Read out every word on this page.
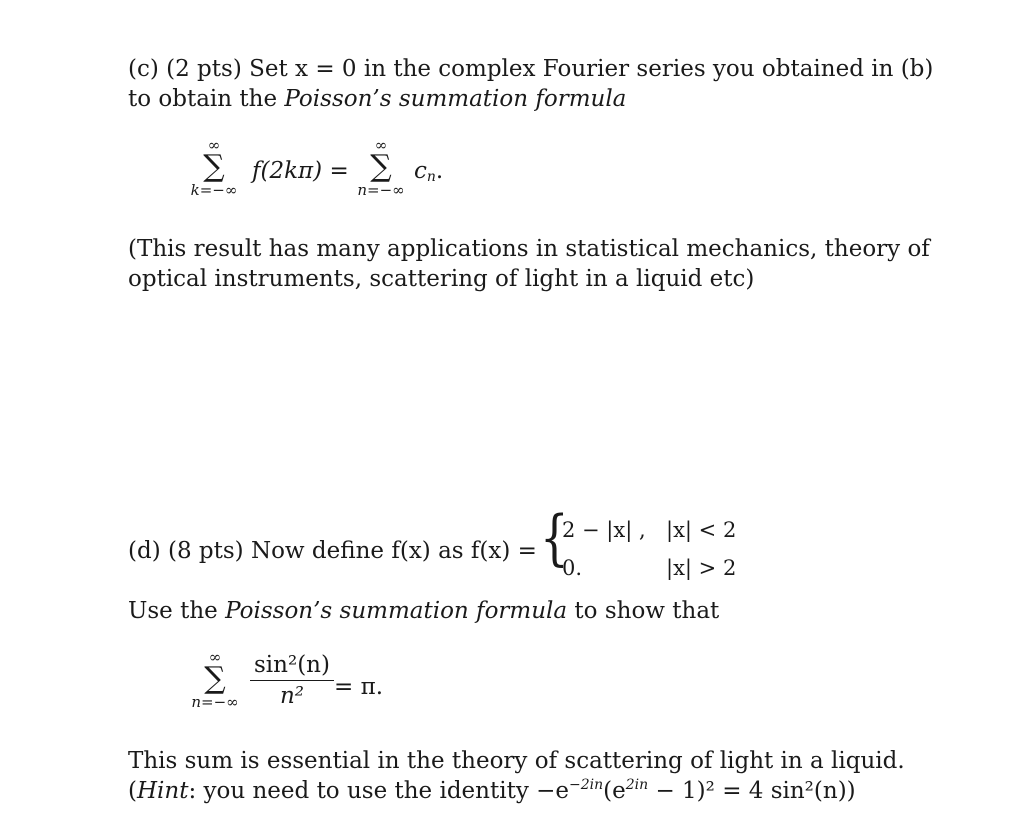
(c) (2 pts) Set x = 0 in the complex Fourier series you obtained in (b)
to obtain the Poisson’s summation formula
∞
∑
k=−∞
f(2kπ) =
∞
∑
n=−∞
$c_n$.
(This result has many applications in statistical mechanics, theory of
optical instruments, scattering of light in a liquid etc)
(d) (8 pts) Now define f(x) as f(x) = {
2 − |x| , |x| < 2
0.	|x| > 2
Use the Poisson’s summation formula to show that
∞
∑
n=−∞
sin²(n)
n²	= π.
This sum is essential in the theory of scattering of light in a liquid.
(Hint: you need to use the identity $-e^{-2in}(e^{2in} - 1)^2 = 4$ sin²(n))
